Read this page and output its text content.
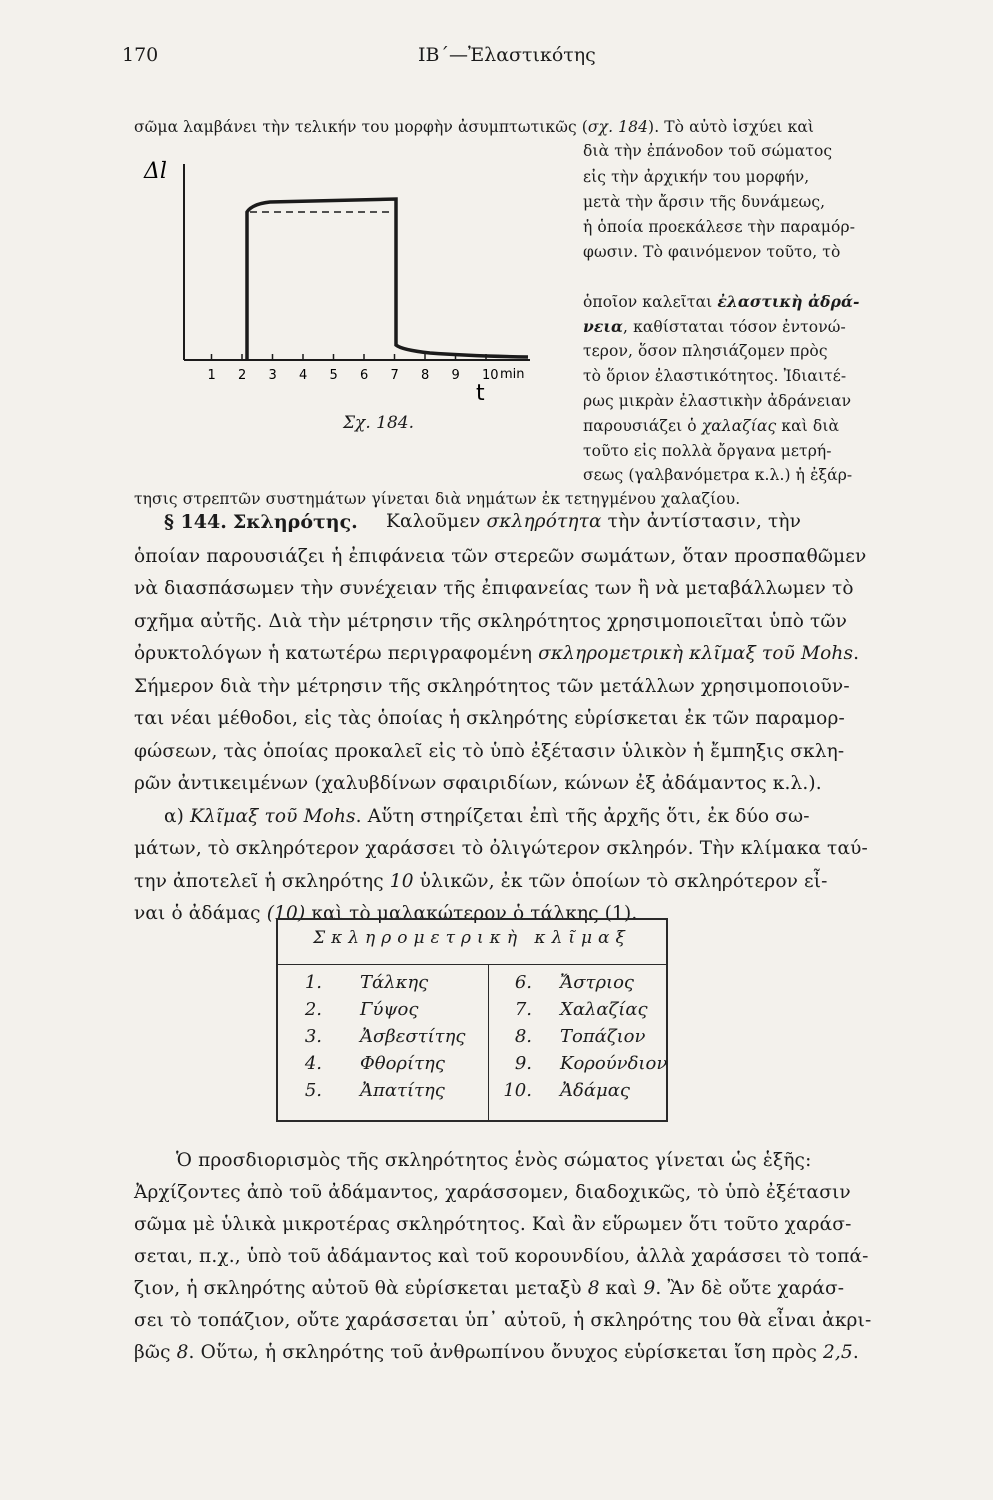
170	ΙΒ΄—Ἐλαστικότης
σῶμα λαμβάνει τὴν τελικήν του μορφὴν ἀσυμπτωτικῶς (σχ. 184). Τὸ αὐτὸ ἰσχύει καὶ
διὰ τὴν ἐπάνοδον τοῦ σώματος
εἰς τὴν ἀρχικήν του μορφήν,
μετὰ τὴν ἄρσιν τῆς δυνάμεως,
ἡ ὁποία προεκάλεσε τὴν παραμόρ-
φωσιν. Τὸ φαινόμενον τοῦτο, τὸ
ὁποῖον καλεῖται ἐλαστικὴ ἀδρά-
νεια, καθίσταται τόσον ἐντονώ-
τερον, ὅσον πλησιάζομεν πρὸς
τὸ ὅριον ἐλαστικότητος. Ἰδιαιτέ-
ρως μικρὰν ἐλαστικὴν ἀδράνειαν
παρουσιάζει ὁ χαλαζίας καὶ διὰ
τοῦτο εἰς πολλὰ ὄργανα μετρή-
σεως (γαλβανόμετρα κ.λ.) ἡ ἐξάρ-
τησις στρεπτῶν συστημάτων γίνεται διὰ νημάτων ἐκ τετηγμένου χαλαζίου.
Δl
1 2 3 4 5 6 7 8 9 10 min
t
Σχ. 184.
§ 144. Σκληρότης. Καλοῦμεν σκληρότητα τὴν ἀντίστασιν, τὴν
ὁποίαν παρουσιάζει ἡ ἐπιφάνεια τῶν στερεῶν σωμάτων, ὅταν προσπαθῶμεν
νὰ διασπάσωμεν τὴν συνέχειαν τῆς ἐπιφανείας των ἢ νὰ μεταβάλλωμεν τὸ
σχῆμα αὐτῆς. Διὰ τὴν μέτρησιν τῆς σκληρότητος χρησιμοποιεῖται ὑπὸ τῶν
ὀρυκτολόγων ἡ κατωτέρω περιγραφομένη σκληρομετρικὴ κλῖμαξ τοῦ Mohs.
Σήμερον διὰ τὴν μέτρησιν τῆς σκληρότητος τῶν μετάλλων χρησιμοποιοῦν-
ται νέαι μέθοδοι, εἰς τὰς ὁποίας ἡ σκληρότης εὑρίσκεται ἐκ τῶν παραμορ-
φώσεων, τὰς ὁποίας προκαλεῖ εἰς τὸ ὑπὸ ἐξέτασιν ὑλικὸν ἡ ἔμπηξις σκλη-
ρῶν ἀντικειμένων (χαλυβδίνων σφαιριδίων, κώνων ἐξ ἀδάμαντος κ.λ.).
α) Κλῖμαξ τοῦ Mohs. Αὕτη στηρίζεται ἐπὶ τῆς ἀρχῆς ὅτι, ἐκ δύο σω-
μάτων, τὸ σκληρότερον χαράσσει τὸ ὀλιγώτερον σκληρόν. Τὴν κλίμακα ταύ-
την ἀποτελεῖ ἡ σκληρότης 10 ὑλικῶν, ἐκ τῶν ὁποίων τὸ σκληρότερον εἶ-
ναι ὁ ἀδάμας (10) καὶ τὸ μαλακώτερον ὁ τάλκης (1).
Σκληρομετρικὴ κλῖμαξ
1. Τάλκης	6. Ἄστριος
2. Γύψος	7. Χαλαζίας
3. Ἀσβεστίτης	8. Τοπάζιον
4. Φθορίτης	9. Κορούνδιον
5. Ἀπατίτης	10. Ἀδάμας
Ὁ προσδιορισμὸς τῆς σκληρότητος ἑνὸς σώματος γίνεται ὡς ἑξῆς:
Ἀρχίζοντες ἀπὸ τοῦ ἀδάμαντος, χαράσσομεν, διαδοχικῶς, τὸ ὑπὸ ἐξέτασιν
σῶμα μὲ ὑλικὰ μικροτέρας σκληρότητος. Καὶ ἂν εὕρωμεν ὅτι τοῦτο χαράσ-
σεται, π.χ., ὑπὸ τοῦ ἀδάμαντος καὶ τοῦ κορουνδίου, ἀλλὰ χαράσσει τὸ τοπά-
ζιον, ἡ σκληρότης αὐτοῦ θὰ εὑρίσκεται μεταξὺ 8 καὶ 9. Ἂν δὲ οὔτε χαράσ-
σει τὸ τοπάζιον, οὔτε χαράσσεται ὑπ᾿ αὐτοῦ, ἡ σκληρότης του θὰ εἶναι ἀκρι-
βῶς 8. Οὕτω, ἡ σκληρότης τοῦ ἀνθρωπίνου ὄνυχος εὑρίσκεται ἴση πρὸς 2,5.
